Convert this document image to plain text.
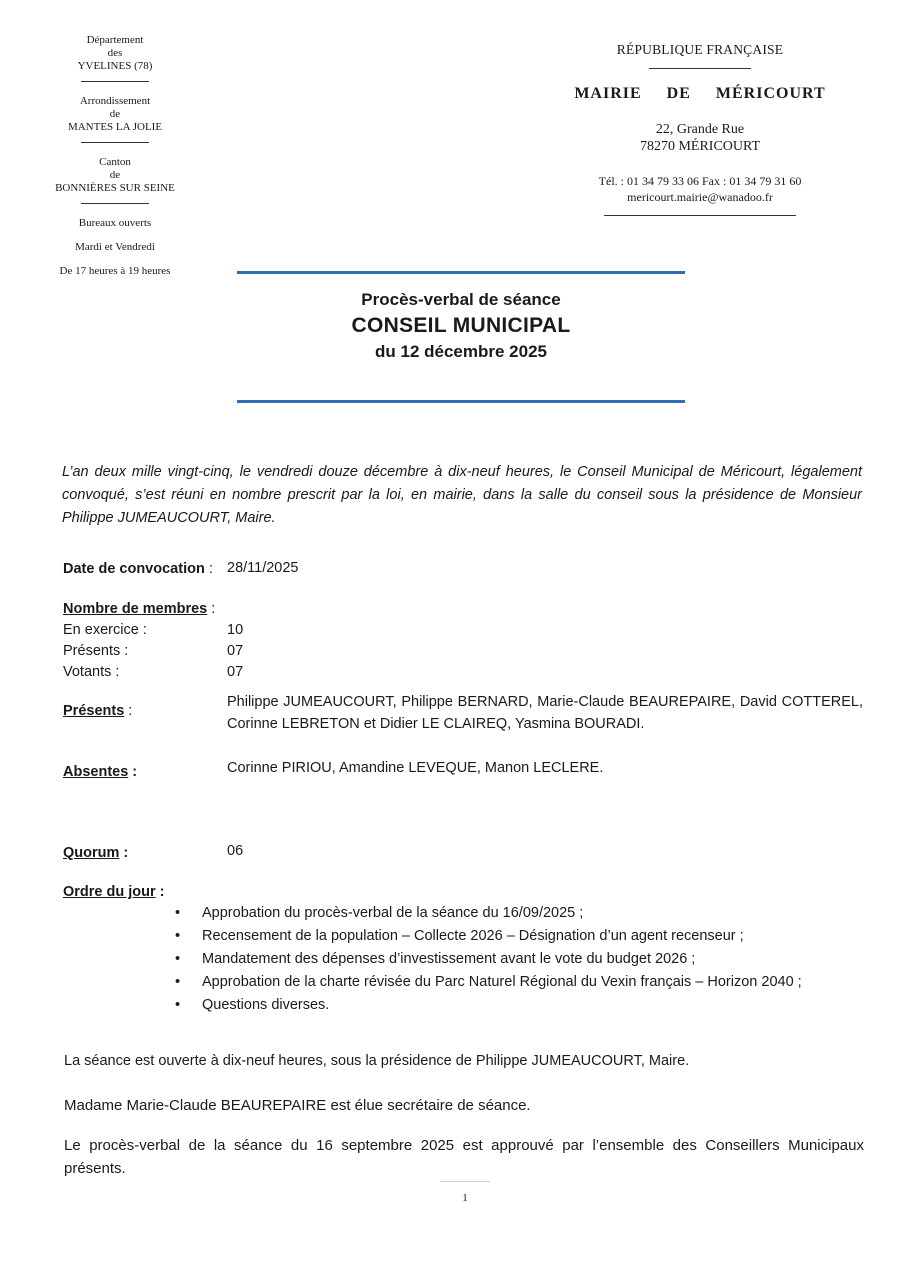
Département
des
YVELINES (78)
Arrondissement
de
MANTES LA JOLIE
Canton
de
BONNIÈRES SUR SEINE
Bureaux ouverts
Mardi et Vendredi
De 17 heures à 19 heures
RÉPUBLIQUE FRANÇAISE
MAIRIE DE MÉRICOURT
22, Grande Rue
78270 MÉRICOURT
Tél. : 01 34 79 33 06 Fax : 01 34 79 31 60
mericourt.mairie@wanadoo.fr
Procès-verbal de séance
CONSEIL MUNICIPAL
du 12 décembre 2025
L’an deux mille vingt-cinq, le vendredi douze décembre à dix-neuf heures, le Conseil Municipal de Méricourt, légalement convoqué, s’est réuni en nombre prescrit par la loi, en mairie, dans la salle du conseil sous la présidence de Monsieur Philippe JUMEAUCOURT, Maire.
Date de convocation : 28/11/2025
Nombre de membres :
En exercice :	10
Présents :	07
Votants :	07
Présents :
Philippe JUMEAUCOURT, Philippe BERNARD, Marie-Claude BEAUREPAIRE, David COTTEREL, Corinne LEBRETON et Didier LE CLAIREQ, Yasmina BOURADI.
Absentes :	Corinne PIRIOU, Amandine LEVEQUE, Manon LECLERE.
Quorum :	06
Ordre du jour :
• Approbation du procès-verbal de la séance du 16/09/2025 ;
• Recensement de la population – Collecte 2026 – Désignation d’un agent recenseur ;
• Mandatement des dépenses d’investissement avant le vote du budget 2026 ;
• Approbation de la charte révisée du Parc Naturel Régional du Vexin français – Horizon 2040 ;
• Questions diverses.
La séance est ouverte à dix-neuf heures, sous la présidence de Philippe JUMEAUCOURT, Maire.
Madame Marie-Claude BEAUREPAIRE est élue secrétaire de séance.
Le procès-verbal de la séance du 16 septembre 2025 est approuvé par l’ensemble des Conseillers Municipaux présents.
1
